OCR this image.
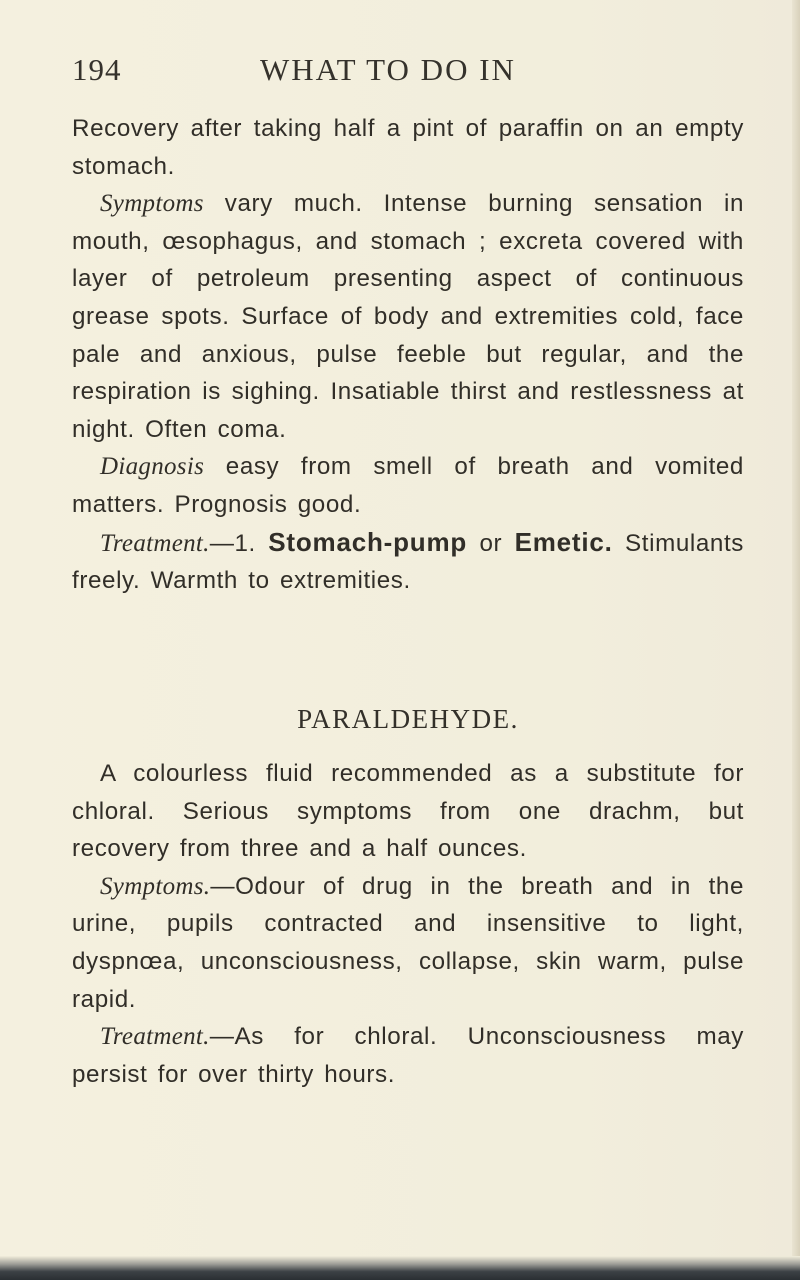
194	WHAT TO DO IN

Recovery after taking half a pint of paraffin on an empty stomach.

Symptoms vary much. Intense burning sensation in mouth, œsophagus, and stomach ; excreta covered with layer of petroleum presenting aspect of continuous grease spots. Surface of body and extremities cold, face pale and anxious, pulse feeble but regular, and the respiration is sighing. Insatiable thirst and restlessness at night. Often coma.

Diagnosis easy from smell of breath and vomited matters. Prognosis good.

Treatment.—1. Stomach-pump or Emetic. Stimulants freely. Warmth to extremities.

PARALDEHYDE.

A colourless fluid recommended as a substitute for chloral. Serious symptoms from one drachm, but recovery from three and a half ounces.

Symptoms.—Odour of drug in the breath and in the urine, pupils contracted and insensitive to light, dyspnœa, unconsciousness, collapse, skin warm, pulse rapid.

Treatment.—As for chloral. Unconsciousness may persist for over thirty hours.
